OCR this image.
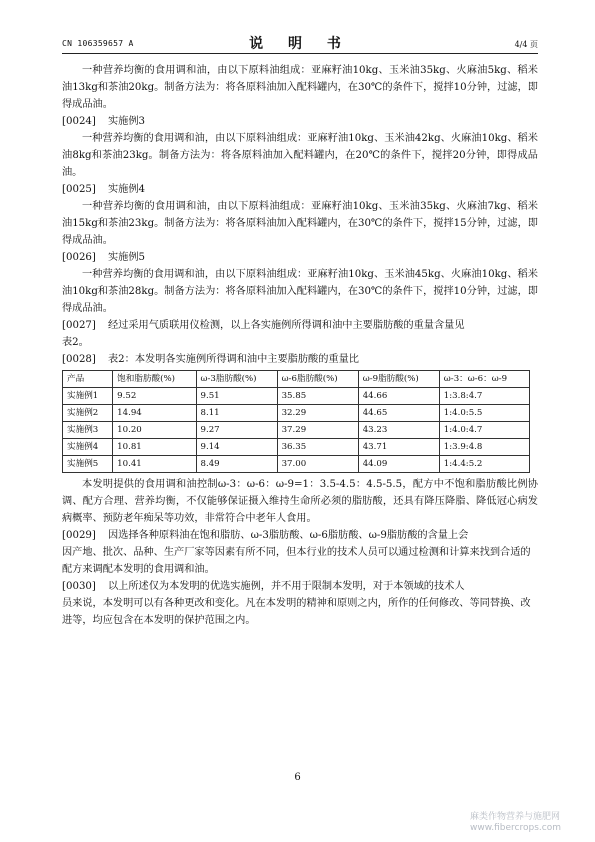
CN 106359657 A	说 明 书	4/4 页

一种营养均衡的食用调和油，由以下原料油组成：亚麻籽油10kg、玉米油35kg、火麻油5kg、稻米油13kg和茶油20kg。制备方法为：将各原料油加入配料罐内，在30℃的条件下，搅拌10分钟，过滤，即得成品油。

[0024]	实施例3

一种营养均衡的食用调和油，由以下原料油组成：亚麻籽油10kg、玉米油42kg、火麻油10kg、稻米油8kg和茶油23kg。制备方法为：将各原料油加入配料罐内，在20℃的条件下，搅拌20分钟，即得成品油。

[0025]	实施例4

一种营养均衡的食用调和油，由以下原料油组成：亚麻籽油10kg、玉米油35kg、火麻油7kg、稻米油15kg和茶油23kg。制备方法为：将各原料油加入配料罐内，在30℃的条件下，搅拌15分钟，过滤，即得成品油。

[0026]	实施例5

一种营养均衡的食用调和油，由以下原料油组成：亚麻籽油10kg、玉米油45kg、火麻油10kg、稻米油10kg和茶油28kg。制备方法为：将各原料油加入配料罐内，在30℃的条件下，搅拌10分钟，过滤，即得成品油。

[0027]	经过采用气质联用仪检测，以上各实施例所得调和油中主要脂肪酸的重量含量见

表2。

[0028]	表2：本发明各实施例所得调和油中主要脂肪酸的重量比
产品	饱和脂肪酸(%)	ω-3脂肪酸(%)	ω-6脂肪酸(%)	ω-9脂肪酸(%)	ω-3：ω-6：ω-9
实施例1	9.52	9.51	35.85	44.66	1:3.8:4.7
实施例2	14.94	8.11	32.29	44.65	1:4.0:5.5
实施例3	10.20	9.27	37.29	43.23	1:4.0:4.7
实施例4	10.81	9.14	36.35	43.71	1:3.9:4.8
实施例5	10.41	8.49	37.00	44.09	1:4.4:5.2

本发明提供的食用调和油控制ω-3：ω-6：ω-9=1：3.5-4.5：4.5-5.5，配方中不饱和脂肪酸比例协调、配方合理、营养均衡，不仅能够保证摄入维持生命所必须的脂肪酸，还具有降压降脂、降低冠心病发病概率、预防老年痴呆等功效，非常符合中老年人食用。

[0029]	因选择各种原料油在饱和脂肪、ω-3脂肪酸、ω-6脂肪酸、ω-9脂肪酸的含量上会

因产地、批次、品种、生产厂家等因素有所不同，但本行业的技术人员可以通过检测和计算来找到合适的配方来调配本发明的食用调和油。

[0030]	以上所述仅为本发明的优选实施例，并不用于限制本发明，对于本领域的技术人

员来说，本发明可以有各种更改和变化。凡在本发明的精神和原则之内，所作的任何修改、等同替换、改进等，均应包含在本发明的保护范围之内。

6
麻类作物营养与施肥网
www.fibercrops.com
